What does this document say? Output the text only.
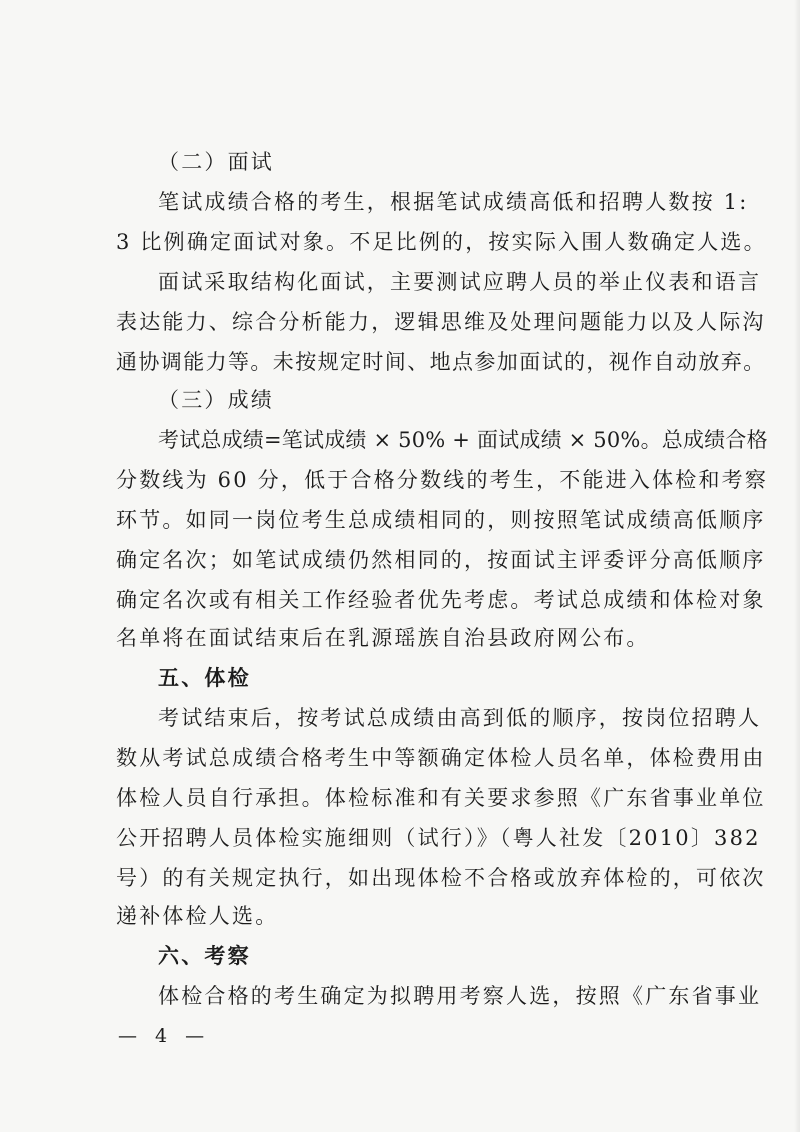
（二）面试
笔试成绩合格的考生，根据笔试成绩高低和招聘人数按 1:
3 比例确定面试对象。不足比例的，按实际入围人数确定人选。
面试采取结构化面试，主要测试应聘人员的举止仪表和语言
表达能力、综合分析能力，逻辑思维及处理问题能力以及人际沟
通协调能力等。未按规定时间、地点参加面试的，视作自动放弃。
（三）成绩
考试总成绩=笔试成绩 × 50% + 面试成绩 × 50%。总成绩合格
分数线为 60 分，低于合格分数线的考生，不能进入体检和考察
环节。如同一岗位考生总成绩相同的，则按照笔试成绩高低顺序
确定名次；如笔试成绩仍然相同的，按面试主评委评分高低顺序
确定名次或有相关工作经验者优先考虑。考试总成绩和体检对象
名单将在面试结束后在乳源瑶族自治县政府网公布。
五、体检
考试结束后，按考试总成绩由高到低的顺序，按岗位招聘人
数从考试总成绩合格考生中等额确定体检人员名单，体检费用由
体检人员自行承担。体检标准和有关要求参照《广东省事业单位
公开招聘人员体检实施细则（试行）》（粤人社发〔2010〕382
号）的有关规定执行，如出现体检不合格或放弃体检的，可依次
递补体检人选。
六、考察
体检合格的考生确定为拟聘用考察人选，按照《广东省事业
— 4 —
